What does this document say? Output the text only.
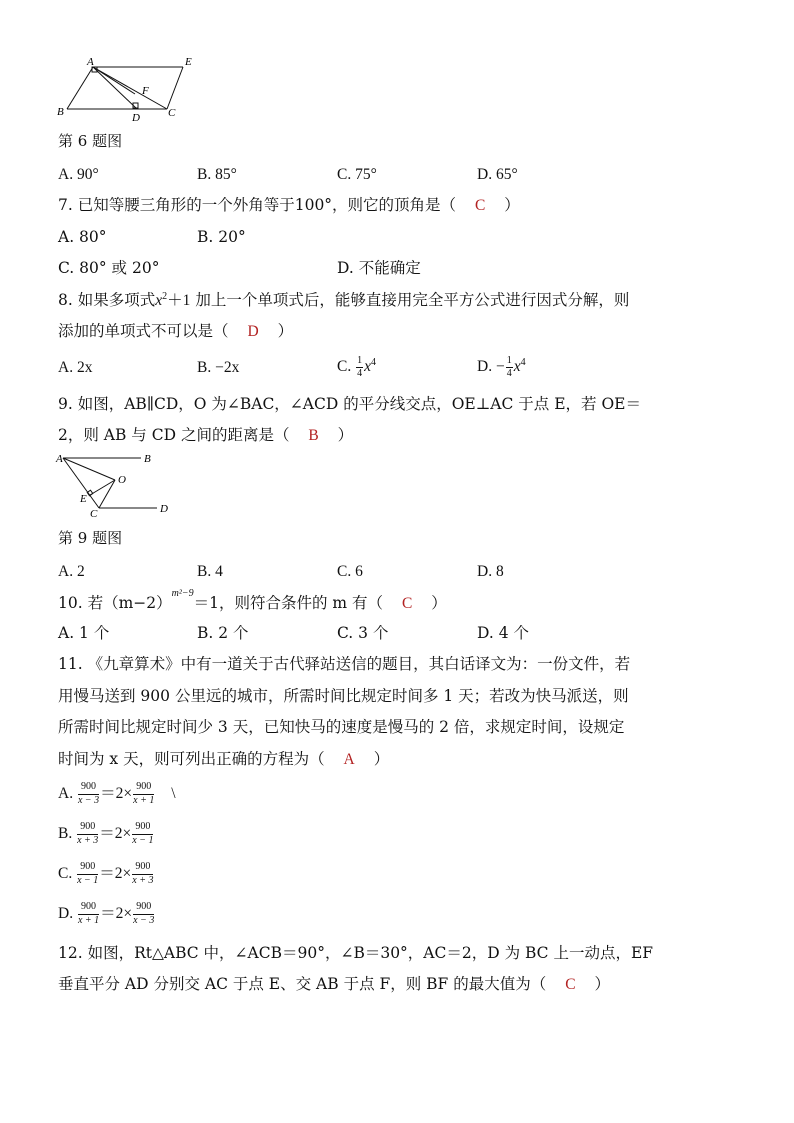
A	E
B
F
D	C
第 6 题图
A. 90°	B. 85°	C. 75°	D. 65°
7. 已知等腰三角形的一个外角等于100°，则它的顶角是（ C ）
A. 80°	B. 20°
C. 80° 或 20°	D. 不能确定
8. 如果多项式$x^2+1$ 加上一个单项式后，能够直接用完全平方公式进行因式分解，则
添加的单项式不可以是（ D ）
A. 2x	B. −2x	C. $\frac{1}{4} x^4$	D. − $\frac{1}{4} x^4$
9. 如图，AB∥CD，O 为∠BAC，∠ACD 的平分线交点，OE⊥AC 于点 E，若 OE＝
2，则 AB 与 CD 之间的距离是（ B ）
A	B
O
E
C	D
第 9 题图
A. 2	B. 4	C. 6	D. 8
10. 若$(m-2)^{m^2-9}=1$，则符合条件的 m 有（ C ）
A. 1 个	B. 2 个	C. 3 个	D. 4 个
11. 《九章算术》中有一道关于古代驿站送信的题目，其白话译文为：一份文件，若
用慢马送到 900 公里远的城市，所需时间比规定时间多 1 天；若改为快马派送，则
所需时间比规定时间少 3 天，已知快马的速度是慢马的 2 倍，求规定时间，设规定
时间为 x 天，则可列出正确的方程为（ A ）
A. $\frac{900}{x - 3} =2\times \frac{900}{x + 1}$ \
B. $\frac{900}{x + 3} =2\times \frac{900}{x - 1}$
C. $\frac{900}{x - 1} =2\times \frac{900}{x + 3}$
D. $\frac{900}{x + 1} =2\times \frac{900}{x - 3}$
12. 如图，Rt△ABC 中，∠ACB＝90°，∠B＝30°，AC＝2，D 为 BC 上一动点，EF
垂直平分 AD 分别交 AC 于点 E、交 AB 于点 F，则 BF 的最大值为（ C ）
